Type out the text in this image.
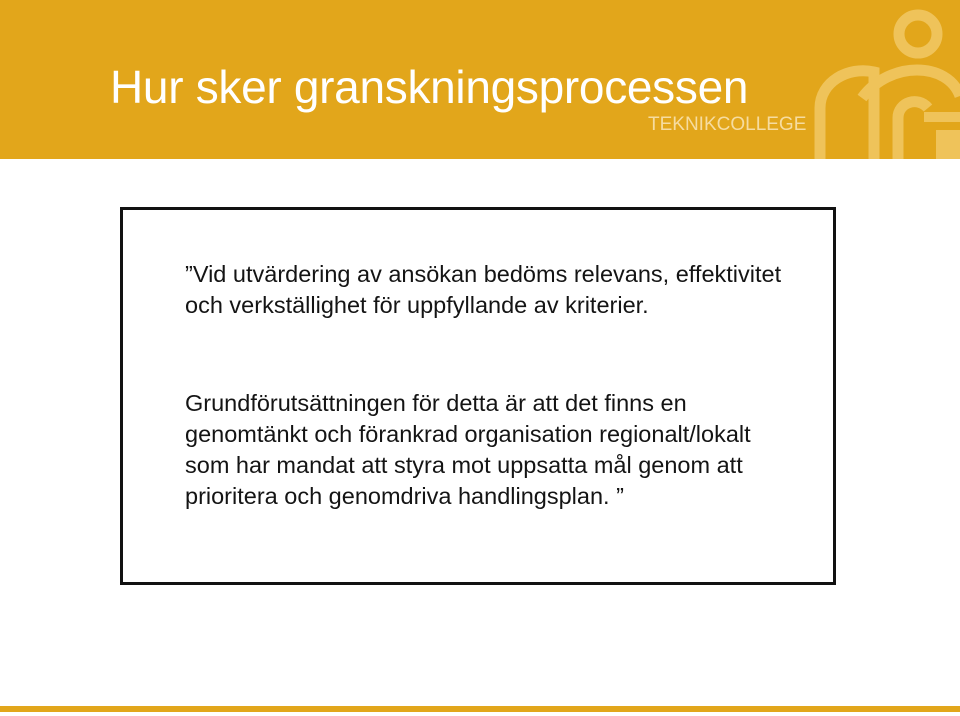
Hur sker granskningsprocessen
TEKNIKCOLLEGE

”Vid utvärdering av ansökan bedöms relevans, effektivitet och verkställighet för uppfyllande av kriterier.

Grundförutsättningen för detta är att det finns en genomtänkt och förankrad organisation regionalt/lokalt som har mandat att styra mot uppsatta mål genom att prioritera och genomdriva handlingsplan. ”
